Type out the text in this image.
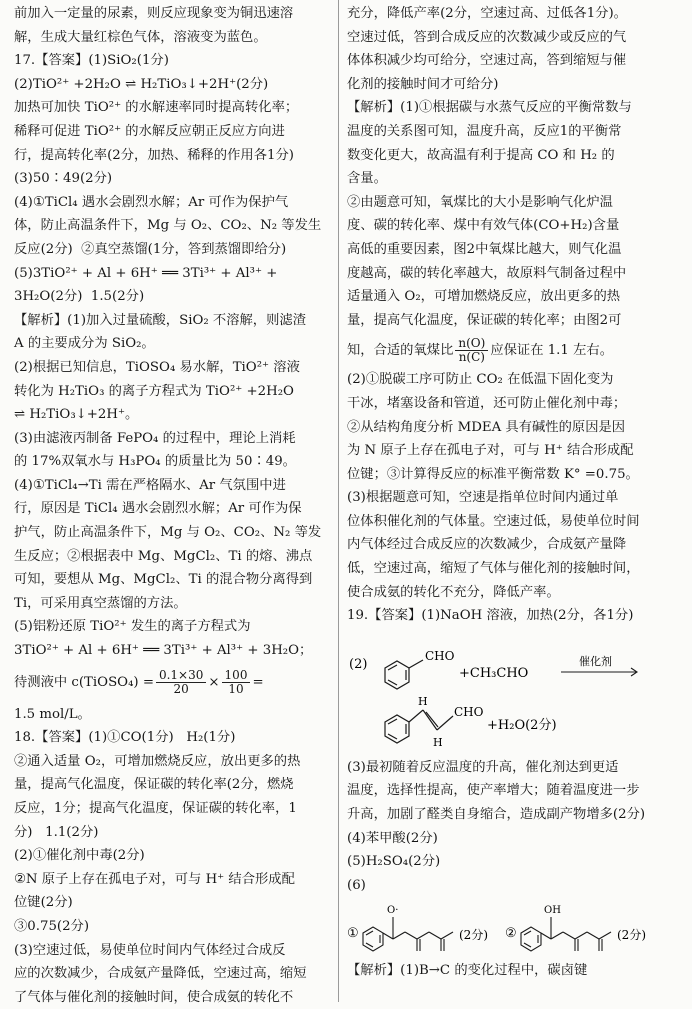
前加入一定量的尿素，则反应现象变为铜迅速溶

解，生成大量红棕色气体，溶液变为蓝色。

17.【答案】(1)SiO₂(1分)

(2)TiO²⁺ +2H₂O ⇌ H₂TiO₃↓+2H⁺(2分)

加热可加快 TiO²⁺ 的水解速率同时提高转化率；

稀释可促进 TiO²⁺ 的水解反应朝正反应方向进

行，提高转化率(2分，加热、稀释的作用各1分)

(3)50∶49(2分)

(4)①TiCl₄ 遇水会剧烈水解；Ar 可作为保护气

体，防止高温条件下，Mg 与 O₂、CO₂、N₂ 等发生

反应(2分)  ②真空蒸馏(1分，答到蒸馏即给分)

(5)3TiO²⁺ + Al + 6H⁺ ══ 3Ti³⁺ + Al³⁺ +

3H₂O(2分)  1.5(2分)

【解析】(1)加入过量硫酸，SiO₂ 不溶解，则滤渣

A 的主要成分为 SiO₂。

(2)根据已知信息，TiOSO₄ 易水解，TiO²⁺ 溶液

转化为 H₂TiO₃ 的离子方程式为 TiO²⁺ +2H₂O

⇌ H₂TiO₃↓+2H⁺。

(3)由滤液丙制备 FePO₄ 的过程中，理论上消耗

的 17%双氧水与 H₃PO₄ 的质量比为 50∶49。

(4)①TiCl₄→Ti 需在严格隔水、Ar 气氛围中进

行，原因是 TiCl₄ 遇水会剧烈水解；Ar 可作为保

护气，防止高温条件下，Mg 与 O₂、CO₂、N₂ 等发

生反应；②根据表中 Mg、MgCl₂、Ti 的熔、沸点

可知，要想从 Mg、MgCl₂、Ti 的混合物分离得到

Ti，可采用真空蒸馏的方法。

(5)铝粉还原 TiO²⁺ 发生的离子方程式为

3TiO²⁺ + Al + 6H⁺ ══ 3Ti³⁺ + Al³⁺ + 3H₂O；

待测液中 c(TiOSO₄) = $\frac{0.1\times 30}{20} \times \frac{100}{10}$ =

1.5 mol/L。

18.【答案】(1)①CO(1分)   H₂(1分)

②通入适量 O₂，可增加燃烧反应，放出更多的热

量，提高气化温度，保证碳的转化率(2分，燃烧

反应，1分；提高气化温度，保证碳的转化率，1

分)   1.1(2分)

(2)①催化剂中毒(2分)

②N 原子上存在孤电子对，可与 H⁺ 结合形成配

位键(2分)

③0.75(2分)

(3)空速过低，易使单位时间内气体经过合成反

应的次数减少，合成氨产量降低，空速过高，缩短

了气体与催化剂的接触时间，使合成氨的转化不

充分，降低产率(2分，空速过高、过低各1分)。

空速过低，答到合成反应的次数减少或反应的气

体体积减少均可给分，空速过高，答到缩短与催

化剂的接触时间才可给分)

【解析】(1)①根据碳与水蒸气反应的平衡常数与

温度的关系图可知，温度升高，反应1的平衡常

数变化更大，故高温有利于提高 CO 和 H₂ 的

含量。

②由题意可知，氧煤比的大小是影响气化炉温

度、碳的转化率、煤中有效气体(CO+H₂)含量

高低的重要因素，图2中氧煤比越大，则气化温

度越高，碳的转化率越大，故原料气制备过程中

适量通入 O₂，可增加燃烧反应，放出更多的热

量，提高气化温度，保证碳的转化率；由图2可

知，合适的氧煤比 $\frac{n(O)}{n(C)}$ 应保证在 1.1 左右。

(2)①脱碳工序可防止 CO₂ 在低温下固化变为

干冰，堵塞设备和管道，还可防止催化剂中毒；

②从结构角度分析 MDEA 具有碱性的原因是因

为 N 原子上存在孤电子对，可与 H⁺ 结合形成配

位键；③计算得反应的标准平衡常数 K° =0.75。

(3)根据题意可知，空速是指单位时间内通过单

位体积催化剂的气体量。空速过低，易使单位时间

内气体经过合成反应的次数减少，合成氨产量降

低，空速过高，缩短了气体与催化剂的接触时间，

使合成氨的转化不充分，降低产率。

19.【答案】(1)NaOH 溶液，加热(2分，各1分)

(2)
CHO
+CH₃CHO
催化剂
H
H
CHO
+H₂O(2分)

(3)最初随着反应温度的升高，催化剂达到更适

温度，选择性提高，使产率增大；随着温度进一步

升高，加剧了醛类自身缩合，造成副产物增多(2分)

(4)苯甲酸(2分)

(5)H₂SO₄(2分)

(6)

①
O·
(2分) ②
OH
(2分)

【解析】(1)B→C 的变化过程中，碳卤键
